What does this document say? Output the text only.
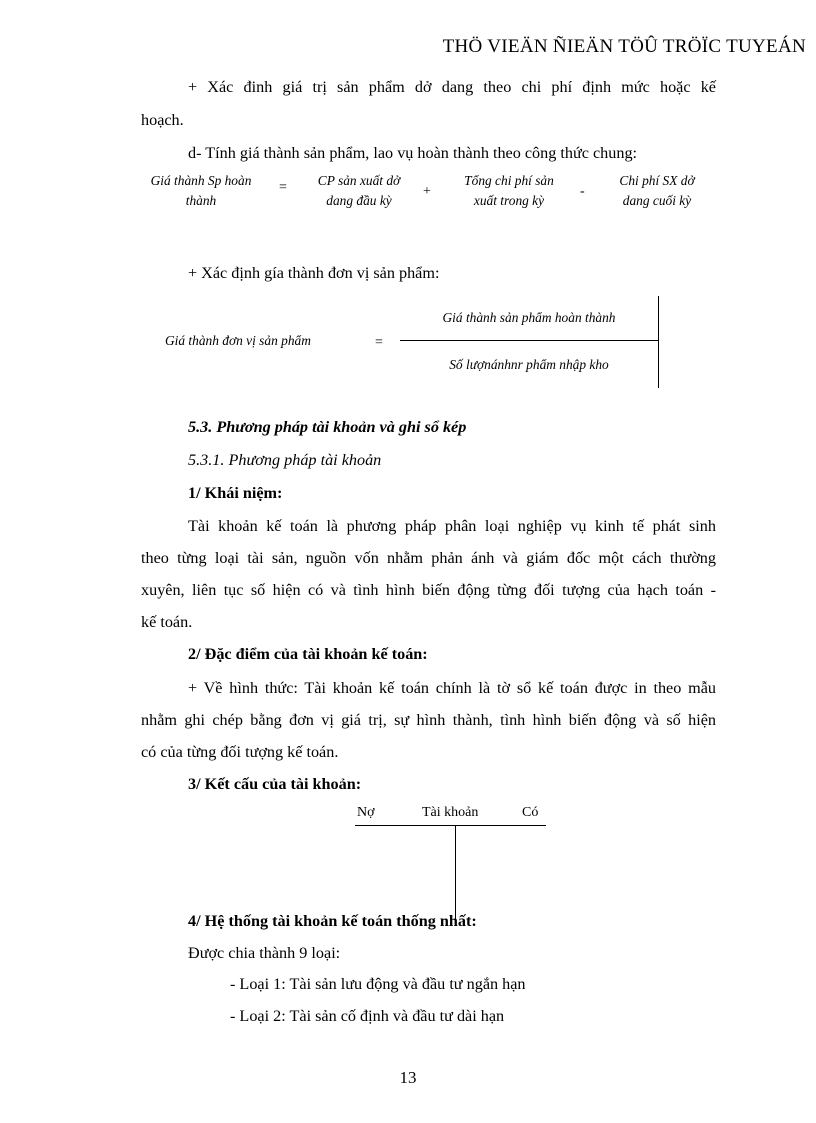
THÖ VIEÄN ÑIEÄN TÖÛ TRÖÏC TUYEÁN
+ Xác đinh giá trị sản phẩm dở dang theo chi phí định mức hoặc kế
hoạch.
d- Tính giá thành sản phẩm, lao vụ hoàn thành theo công thức chung:
Giá thành Sp hoàn
thành
=	CP sản xuất dở
dang đầu kỳ
+
Tổng chi phí sản
xuất trong kỳ
-
Chi phí SX dở
dang cuối kỳ
+ Xác định gía thành đơn vị sản phẩm:
Giá thành đơn vị sản phẩm	=
Giá thành sản phẩm hoàn thành
Số lượnánhnr phẩm nhập kho
5.3. Phương pháp tài khoản và ghi sổ kép
5.3.1. Phương pháp tài khoản
1/ Khái niệm:
Tài khoản kế toán là phương pháp phân loại nghiệp vụ kinh tế phát sinh
theo từng loại tài sản, nguồn vốn nhằm phản ánh và giám đốc một cách thường
xuyên, liên tục số hiện có và tình hình biến động từng đối tượng của hạch toán -
kế toán.
2/ Đặc điểm của tài khoản kế toán:
+ Về hình thức: Tài khoản kế toán chính là tờ sổ kế toán được in theo mẫu
nhằm ghi chép bằng đơn vị giá trị, sự hình thành, tình hình biến động và số hiện
có của từng đối tượng kế toán.
3/ Kết cấu của tài khoản:
Nợ	Tài khoản	Có
4/ Hệ thống tài khoản kế toán thống nhất:
Được chia thành 9 loại:
- Loại 1: Tài sản lưu động và đầu tư ngắn hạn
- Loại 2: Tài sản cố định và đầu tư dài hạn
13
